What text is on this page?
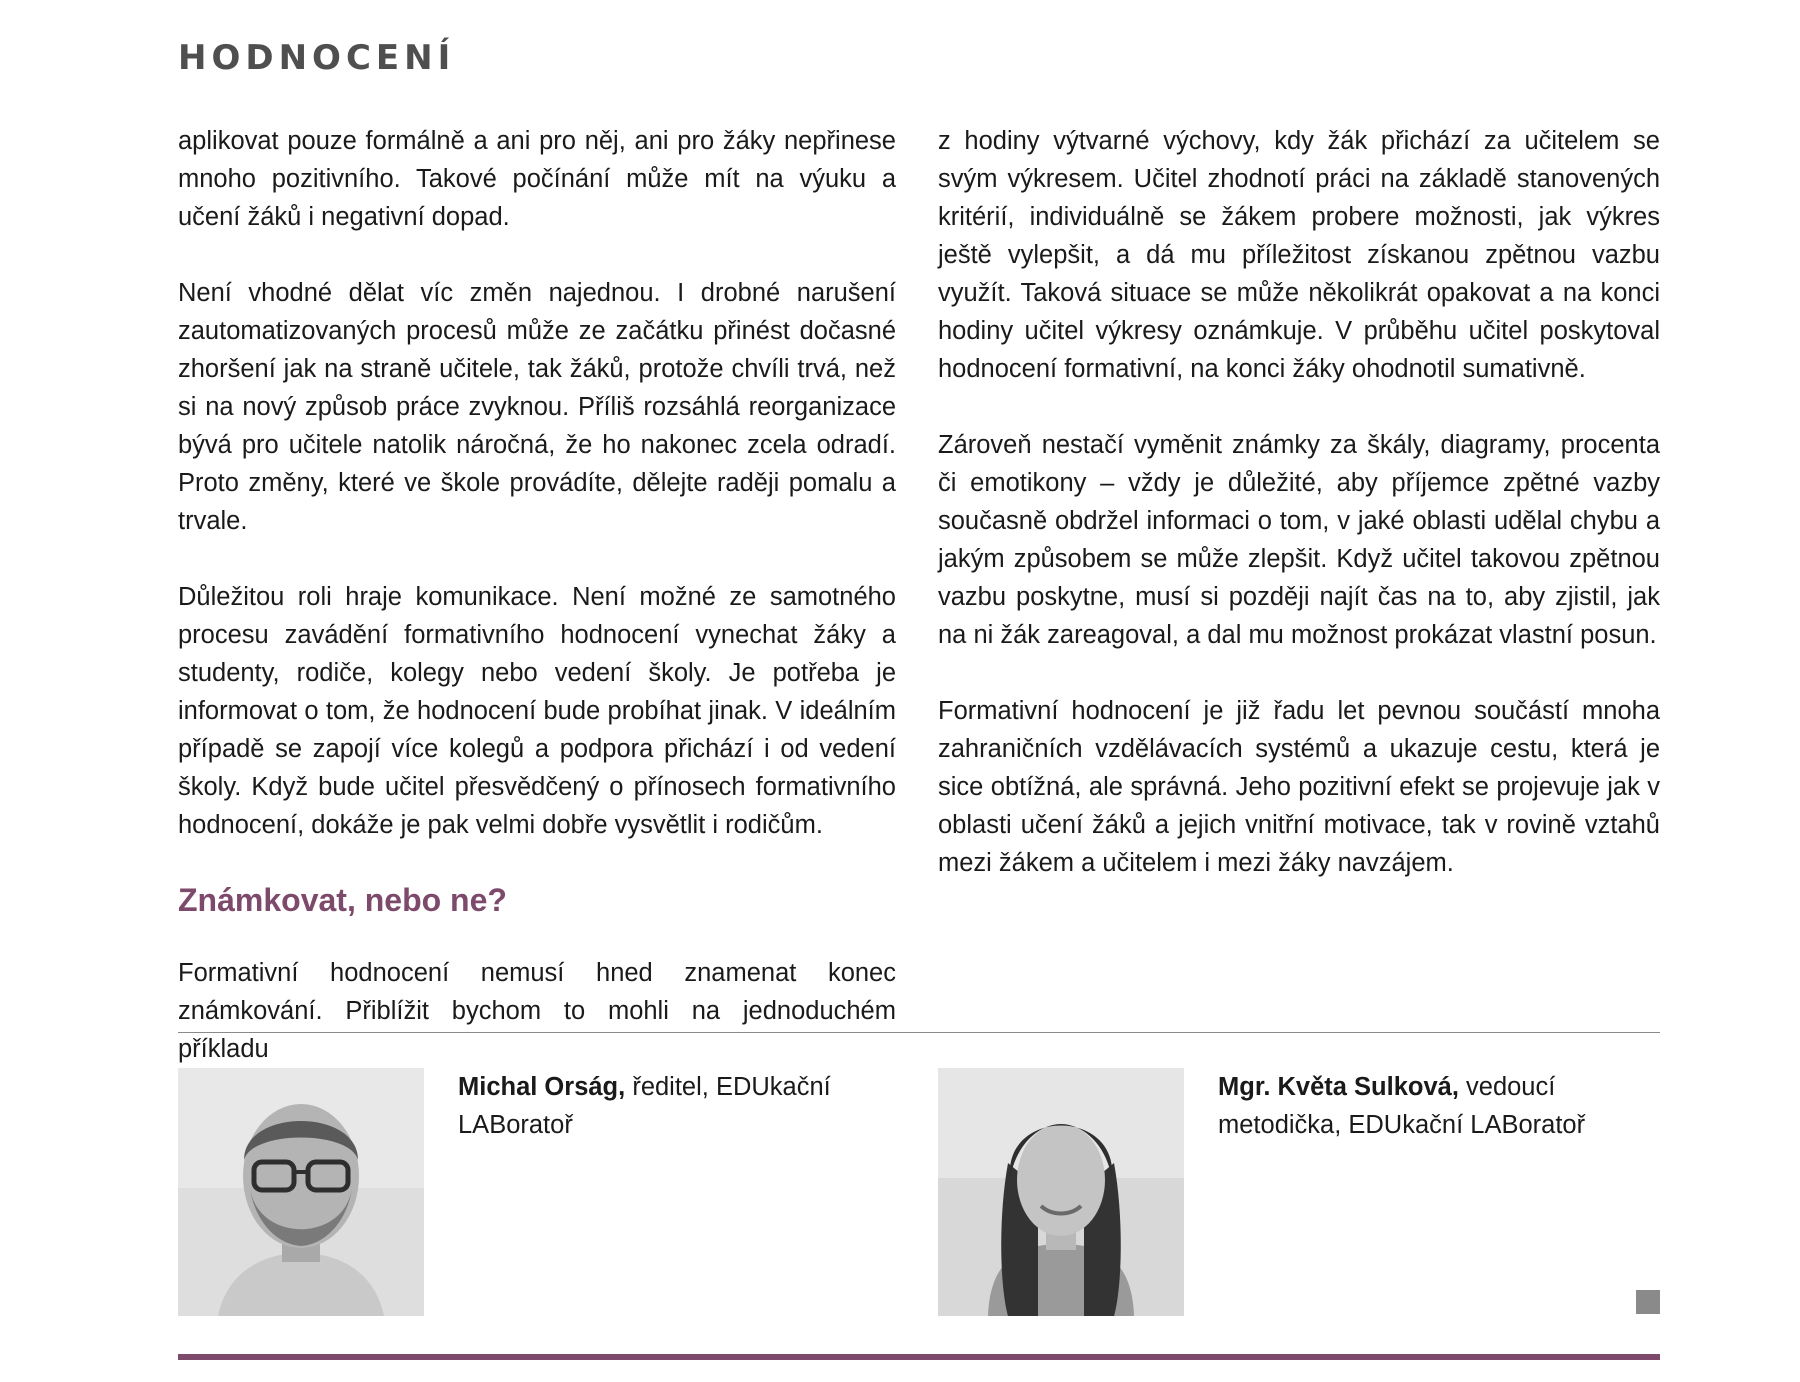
HODNOCENÍ

aplikovat pouze formálně a ani pro něj, ani pro žáky nepřinese mnoho pozitivního. Takové počínání může mít na výuku a učení žáků i negativní dopad.

Není vhodné dělat víc změn najednou. I drobné narušení zautomatizovaných procesů může ze začátku přinést dočasné zhoršení jak na straně učitele, tak žáků, protože chvíli trvá, než si na nový způsob práce zvyknou. Příliš rozsáhlá reorganizace bývá pro učitele natolik náročná, že ho nakonec zcela odradí. Proto změny, které ve škole provádíte, dělejte raději pomalu a trvale.

Důležitou roli hraje komunikace. Není možné ze samotného procesu zavádění formativního hodnocení vynechat žáky a studenty, rodiče, kolegy nebo vedení školy. Je potřeba je informovat o tom, že hodnocení bude probíhat jinak. V ideálním případě se zapojí více kolegů a podpora přichází i od vedení školy. Když bude učitel přesvědčený o přínosech formativního hodnocení, dokáže je pak velmi dobře vysvětlit i rodičům.

Známkovat, nebo ne?

Formativní hodnocení nemusí hned znamenat konec známkování. Přiblížit bychom to mohli na jednoduchém příkladu

z hodiny výtvarné výchovy, kdy žák přichází za učitelem se svým výkresem. Učitel zhodnotí práci na základě stanovených kritérií, individuálně se žákem probere možnosti, jak výkres ještě vylepšit, a dá mu příležitost získanou zpětnou vazbu využít. Taková situace se může několikrát opakovat a na konci hodiny učitel výkresy oznámkuje. V průběhu učitel poskytoval hodnocení formativní, na konci žáky ohodnotil sumativně.

Zároveň nestačí vyměnit známky za škály, diagramy, procenta či emotikony – vždy je důležité, aby příjemce zpětné vazby současně obdržel informaci o tom, v jaké oblasti udělal chybu a jakým způsobem se může zlepšit. Když učitel takovou zpětnou vazbu poskytne, musí si později najít čas na to, aby zjistil, jak na ni žák zareagoval, a dal mu možnost prokázat vlastní posun.

Formativní hodnocení je již řadu let pevnou součástí mnoha zahraničních vzdělávacích systémů a ukazuje cestu, která je sice obtížná, ale správná. Jeho pozitivní efekt se projevuje jak v oblasti učení žáků a jejich vnitřní motivace, tak v rovině vztahů mezi žákem a učitelem i mezi žáky navzájem.

Michal Orság, ředitel, EDUkační LABoratoř
Mgr. Květa Sulková, vedoucí metodička, EDUkační LABoratoř
